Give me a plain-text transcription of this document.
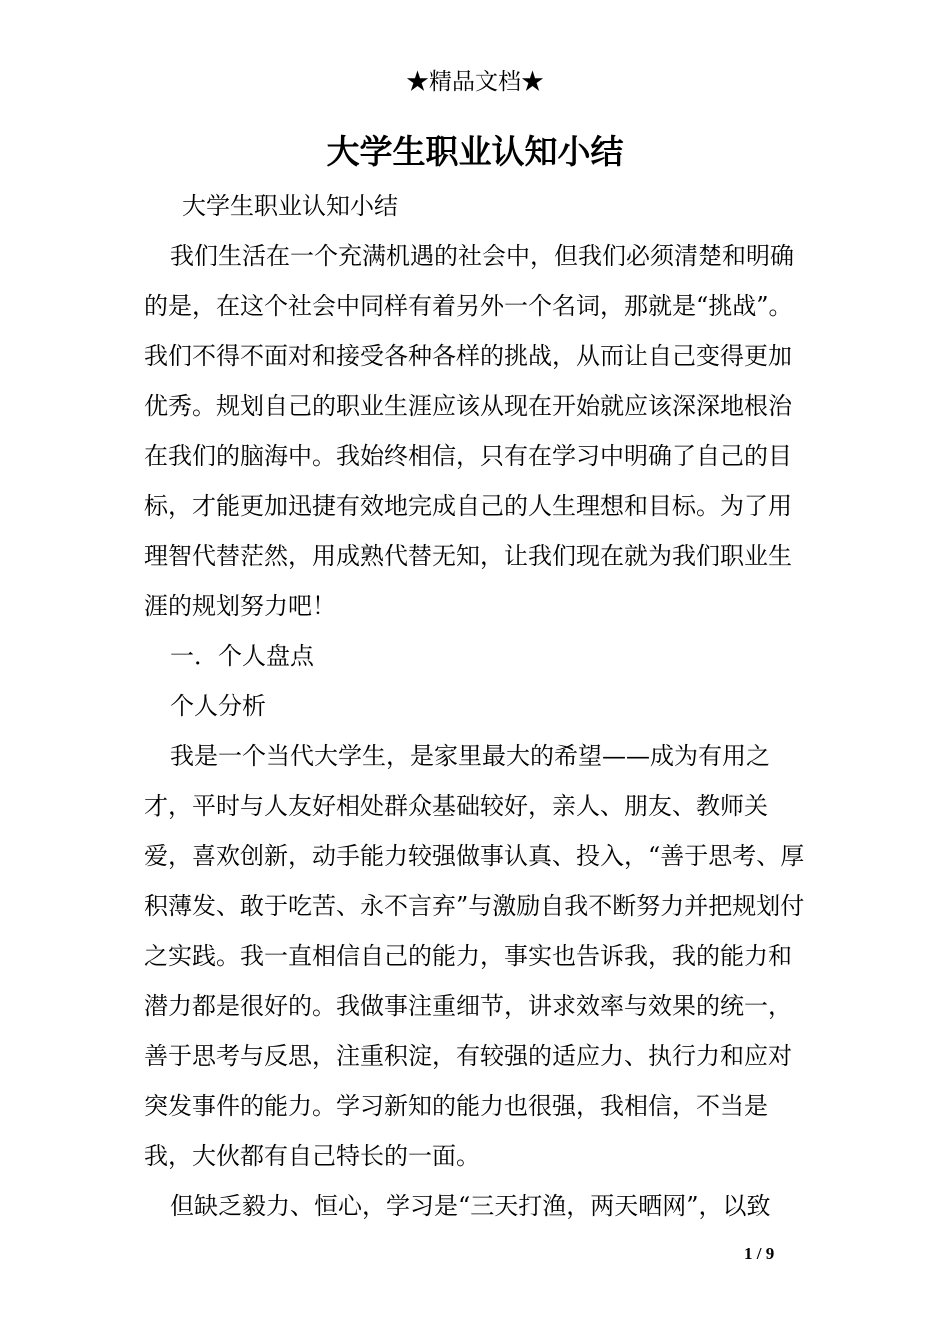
★精品文档★
大学生职业认知小结

大学生职业认知小结

我们生活在一个充满机遇的社会中，但我们必须清楚和明确的是，在这个社会中同样有着另外一个名词，那就是“挑战”。我们不得不面对和接受各种各样的挑战，从而让自己变得更加优秀。规划自己的职业生涯应该从现在开始就应该深深地根治在我们的脑海中。我始终相信，只有在学习中明确了自己的目标，才能更加迅捷有效地完成自己的人生理想和目标。为了用理智代替茫然，用成熟代替无知，让我们现在就为我们职业生涯的规划努力吧！

一．个人盘点

个人分析

我是一个当代大学生，是家里最大的希望——成为有用之才，平时与人友好相处群众基础较好，亲人、朋友、教师关爱，喜欢创新，动手能力较强做事认真、投入，“善于思考、厚积薄发、敢于吃苦、永不言弃”与激励自我不断努力并把规划付之实践。我一直相信自己的能力，事实也告诉我，我的能力和潜力都是很好的。我做事注重细节，讲求效率与效果的统一，善于思考与反思，注重积淀，有较强的适应力、执行力和应对突发事件的能力。学习新知的能力也很强，我相信，不当是我，大伙都有自己特长的一面。

但缺乏毅力、恒心，学习是“三天打渔，两天晒网”，以致

1 / 9
